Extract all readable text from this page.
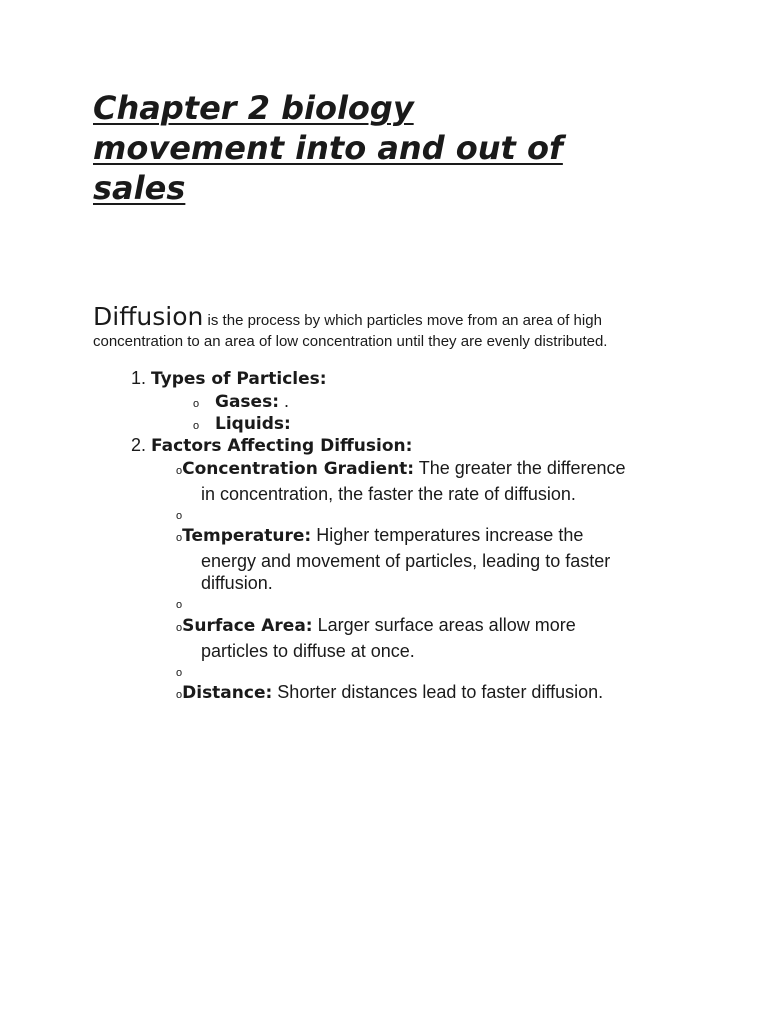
Chapter 2 biology
movement into and out of
sales

Diffusion is the process by which particles move from an area of high concentration to an area of low concentration until they are evenly distributed.

1. Types of Particles:
o Gases: .
o Liquids:
2. Factors Affecting Diffusion:
oConcentration Gradient: The greater the difference
in concentration, the faster the rate of diffusion.
o
oTemperature: Higher temperatures increase the
energy and movement of particles, leading to faster diffusion.
o
oSurface Area: Larger surface areas allow more
particles to diffuse at once.
o
oDistance: Shorter distances lead to faster diffusion.
